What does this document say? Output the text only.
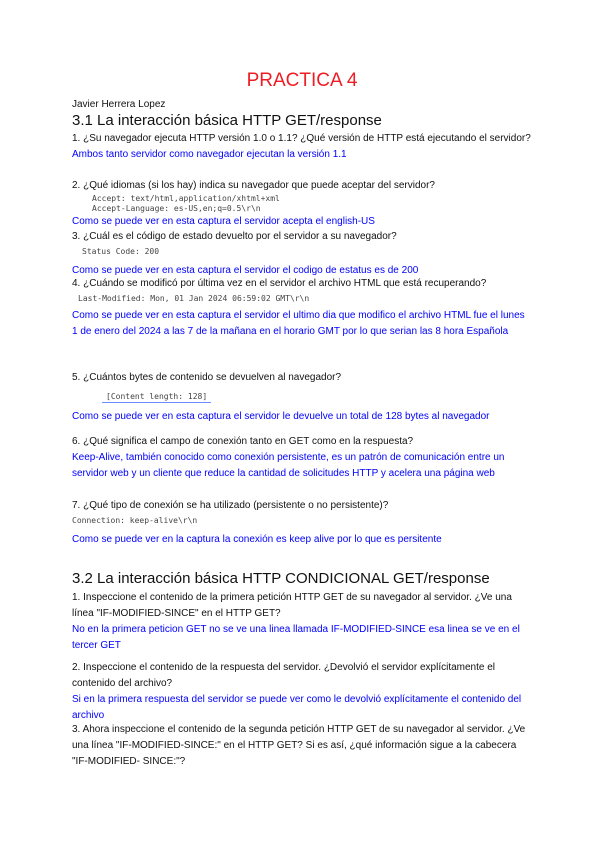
PRACTICA 4
Javier Herrera Lopez
3.1 La interacción básica HTTP GET/response

1. ¿Su navegador ejecuta HTTP versión 1.0 o 1.1? ¿Qué versión de HTTP está ejecutando el servidor?

Ambos tanto servidor como navegador ejecutan la versión 1.1

2. ¿Qué idiomas (si los hay) indica su navegador que puede aceptar del servidor?

Accept: text/html,application/xhtml+xml
Accept-Language: es-US,en;q=0.5\r\n

Como se puede ver en esta captura el servidor acepta el english-US

3. ¿Cuál es el código de estado devuelto por el servidor a su navegador?

Status Code: 200

Como se puede ver en esta captura el servidor el codigo de estatus es de 200

4. ¿Cuándo se modificó por última vez en el servidor el archivo HTML que está recuperando?

Last-Modified: Mon, 01 Jan 2024 06:59:02 GMT\r\n

Como se puede ver en esta captura el servidor el ultimo dia que modifico el archivo HTML fue el lunes 1 de enero del 2024 a las 7 de la mañana en el horario GMT por lo que serian las 8 hora Española

5. ¿Cuántos bytes de contenido se devuelven al navegador?

[Content length: 128]

Como se puede ver en esta captura el servidor le devuelve un total de 128 bytes al navegador

6. ¿Qué significa el campo de conexión tanto en GET como en la respuesta?

Keep-Alive, también conocido como conexión persistente, es un patrón de comunicación entre un servidor web y un cliente que reduce la cantidad de solicitudes HTTP y acelera una página web

7. ¿Qué tipo de conexión se ha utilizado (persistente o no persistente)?

Connection: keep-alive\r\n

Como se puede ver en la captura la conexión es keep alive por lo que es persitente

3.2 La interacción básica HTTP CONDICIONAL GET/response

1. Inspeccione el contenido de la primera petición HTTP GET de su navegador al servidor. ¿Ve una línea "IF-MODIFIED-SINCE" en el HTTP GET?

No en la primera peticion GET no se ve una linea llamada IF-MODIFIED-SINCE esa linea se ve en el tercer GET

2. Inspeccione el contenido de la respuesta del servidor. ¿Devolvió el servidor explícitamente el contenido del archivo?

Si en la primera respuesta del servidor se puede ver como le devolvió explícitamente el contenido del archivo

3. Ahora inspeccione el contenido de la segunda petición HTTP GET de su navegador al servidor. ¿Ve una línea "IF-MODIFIED-SINCE:" en el HTTP GET? Si es así, ¿qué información sigue a la cabecera "IF-MODIFIED- SINCE:"?
